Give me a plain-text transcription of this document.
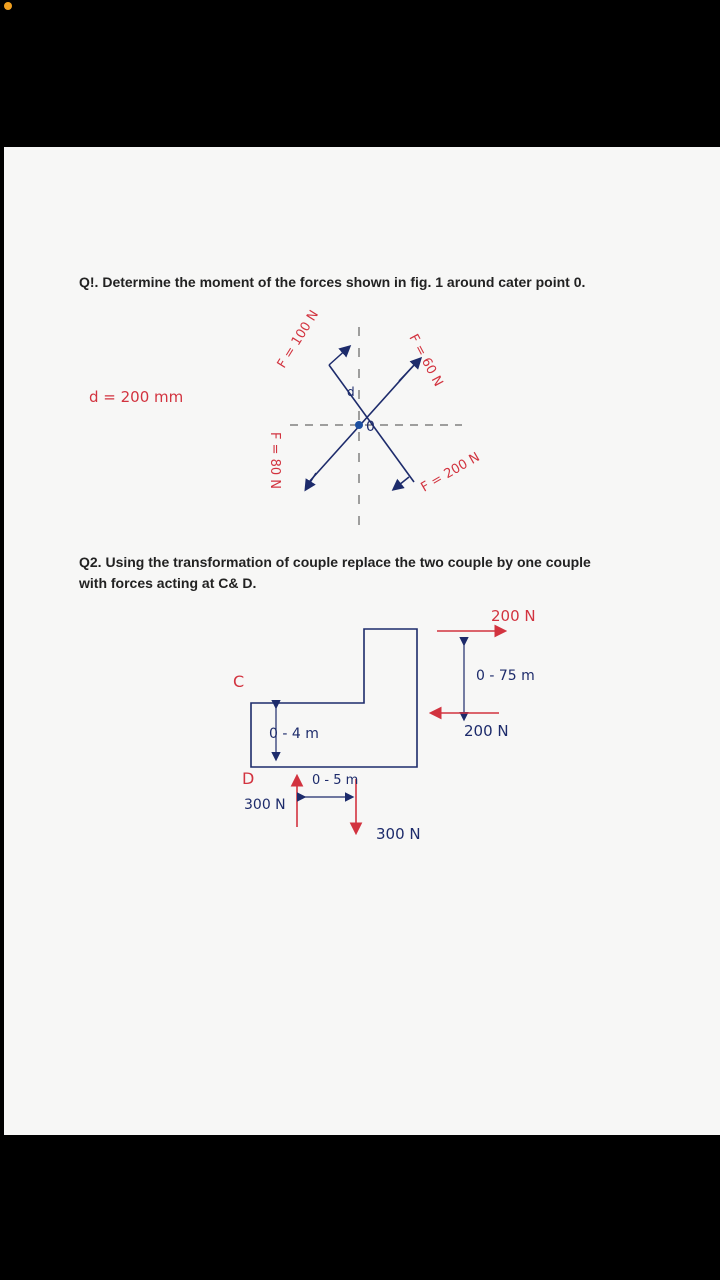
Q!. Determine the moment of the forces shown in fig. 1 around cater point 0.
Q2. Using the transformation of couple replace the two couple by one couple
with forces acting at C& D.
d = 200 mm
0
d
F = 100 N	F = 60 N
F = 200 N
F = 80 N
C
D
200 N
0 - 75 m
200 N
0 - 4 m
300 N
300 N
0 - 5 m
